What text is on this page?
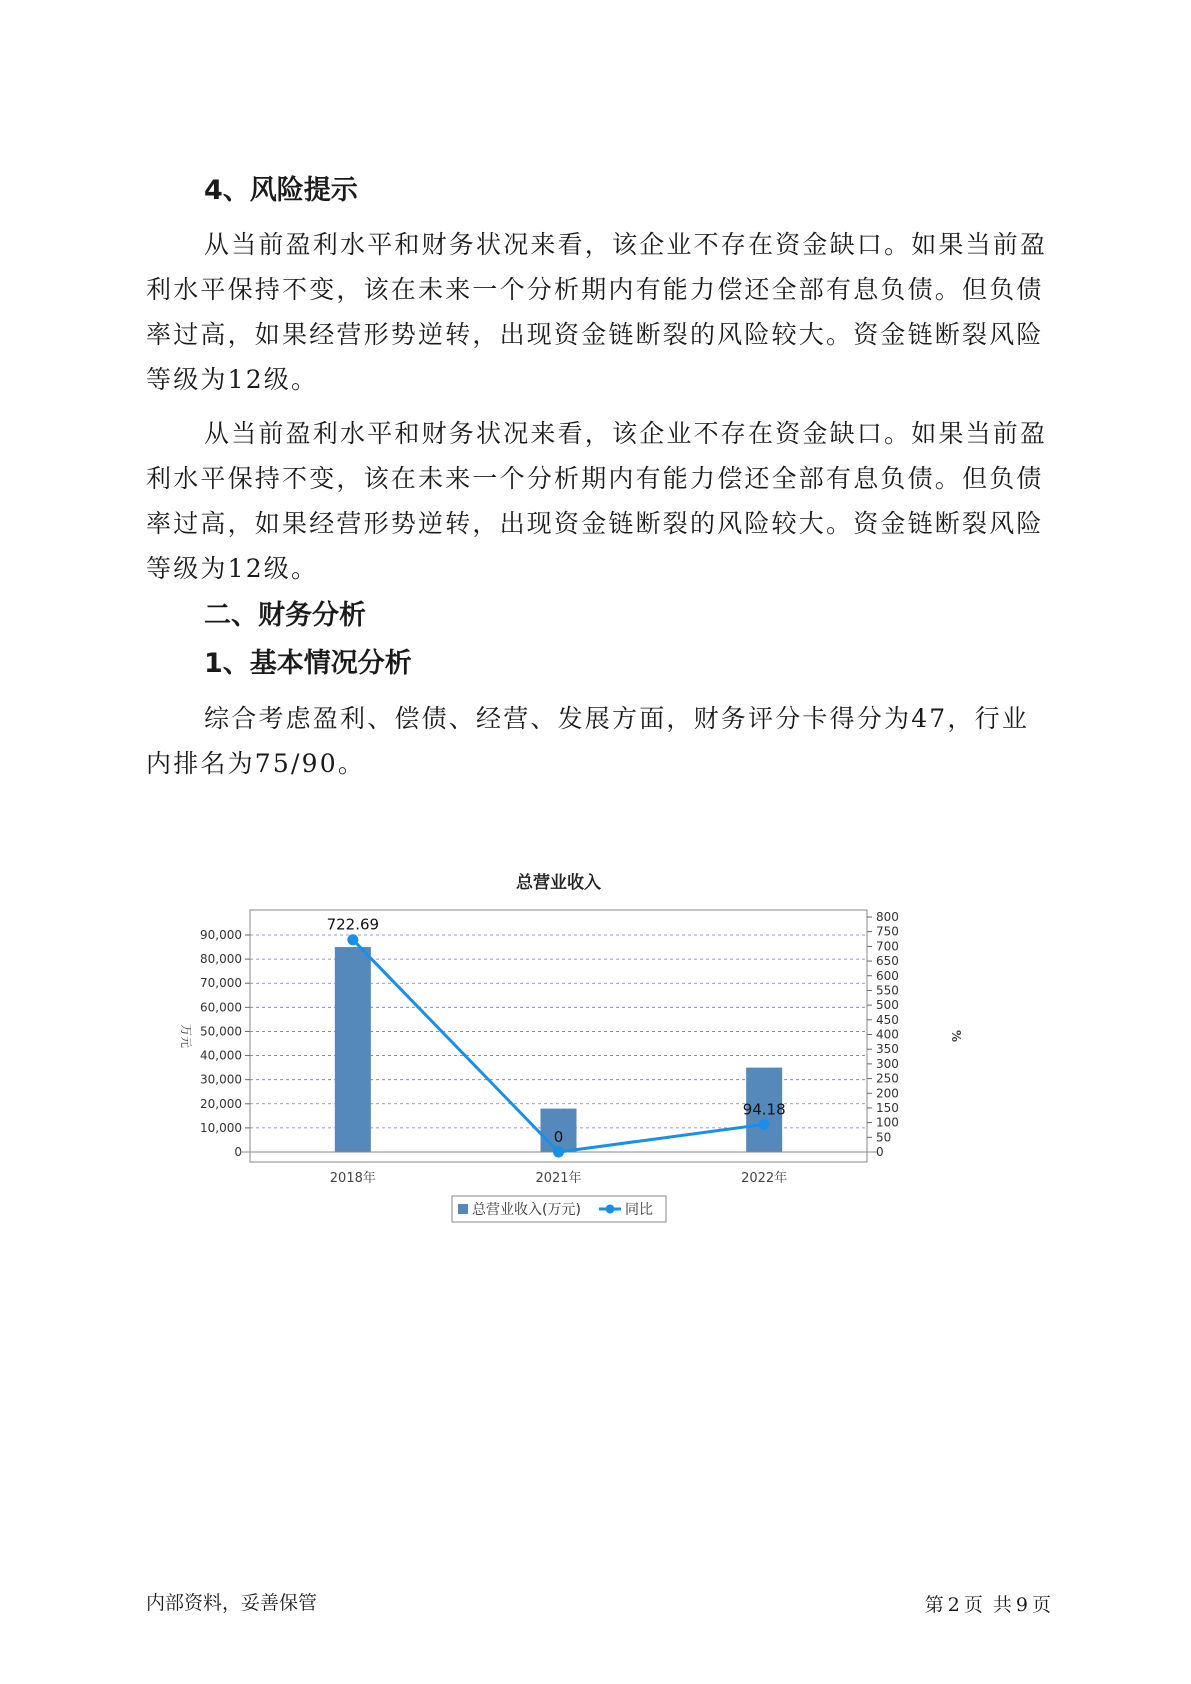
4、风险提示

从当前盈利水平和财务状况来看，该企业不存在资金缺口。如果当前盈利水平保持不变，该在未来一个分析期内有能力偿还全部有息负债。但负债率过高，如果经营形势逆转，出现资金链断裂的风险较大。资金链断裂风险等级为12级。

从当前盈利水平和财务状况来看，该企业不存在资金缺口。如果当前盈利水平保持不变，该在未来一个分析期内有能力偿还全部有息负债。但负债率过高，如果经营形势逆转，出现资金链断裂的风险较大。资金链断裂风险等级为12级。

二、财务分析
1、基本情况分析

综合考虑盈利、偿债、经营、发展方面，财务评分卡得分为47，行业内排名为75/90。

总营业收入
0
10,000
20,000
30,000
40,000
50,000
60,000
70,000
80,000
90,000
0
50
100
150
200
250
300
350
400
450
500
550
600
650
700
750
800
万元	%
2018年	2021年	2022年
722.69
0
94.18
总营业收入(万元)	同比
内部资料，妥善保管	第 2 页 共 9 页
